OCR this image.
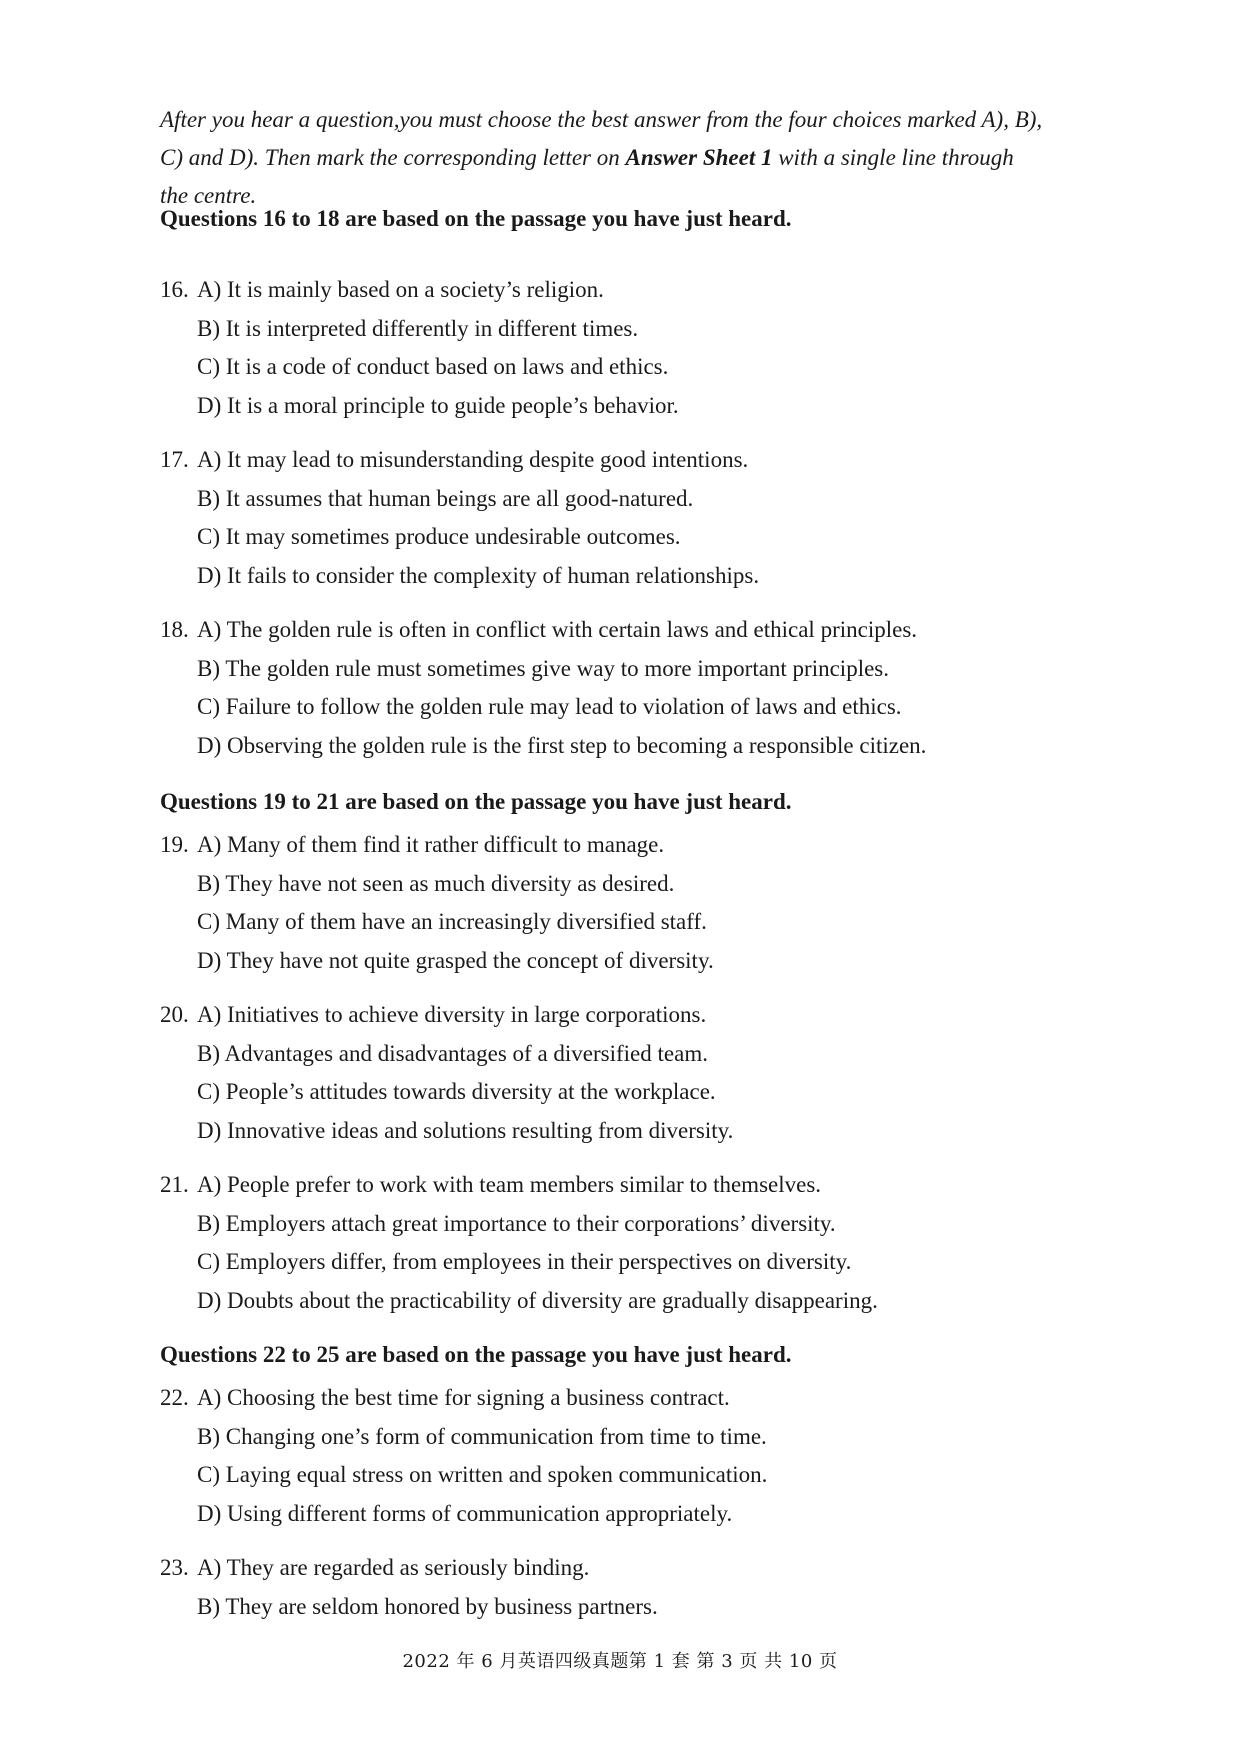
After you hear a question,you must choose the best answer from the four choices marked A), B),
C) and D). Then mark the corresponding letter on Answer Sheet 1 with a single line through
the centre.

Questions 16 to 18 are based on the passage you have just heard.

16. A) It is mainly based on a society’s religion.
B) It is interpreted differently in different times.
C) It is a code of conduct based on laws and ethics.
D) It is a moral principle to guide people’s behavior.
17. A) It may lead to misunderstanding despite good intentions.
B) It assumes that human beings are all good-natured.
C) It may sometimes produce undesirable outcomes.
D) It fails to consider the complexity of human relationships.
18. A) The golden rule is often in conflict with certain laws and ethical principles.
B) The golden rule must sometimes give way to more important principles.
C) Failure to follow the golden rule may lead to violation of laws and ethics.
D) Observing the golden rule is the first step to becoming a responsible citizen.

Questions 19 to 21 are based on the passage you have just heard.

19. A) Many of them find it rather difficult to manage.
B) They have not seen as much diversity as desired.
C) Many of them have an increasingly diversified staff.
D) They have not quite grasped the concept of diversity.
20. A) Initiatives to achieve diversity in large corporations.
B) Advantages and disadvantages of a diversified team.
C) People’s attitudes towards diversity at the workplace.
D) Innovative ideas and solutions resulting from diversity.
21. A) People prefer to work with team members similar to themselves.
B) Employers attach great importance to their corporations’ diversity.
C) Employers differ, from employees in their perspectives on diversity.
D) Doubts about the practicability of diversity are gradually disappearing.

Questions 22 to 25 are based on the passage you have just heard.

22. A) Choosing the best time for signing a business contract.
B) Changing one’s form of communication from time to time.
C) Laying equal stress on written and spoken communication.
D) Using different forms of communication appropriately.
23. A) They are regarded as seriously binding.
B) They are seldom honored by business partners.
2022 年 6 月英语四级真题第 1 套 第 3 页 共 10 页
